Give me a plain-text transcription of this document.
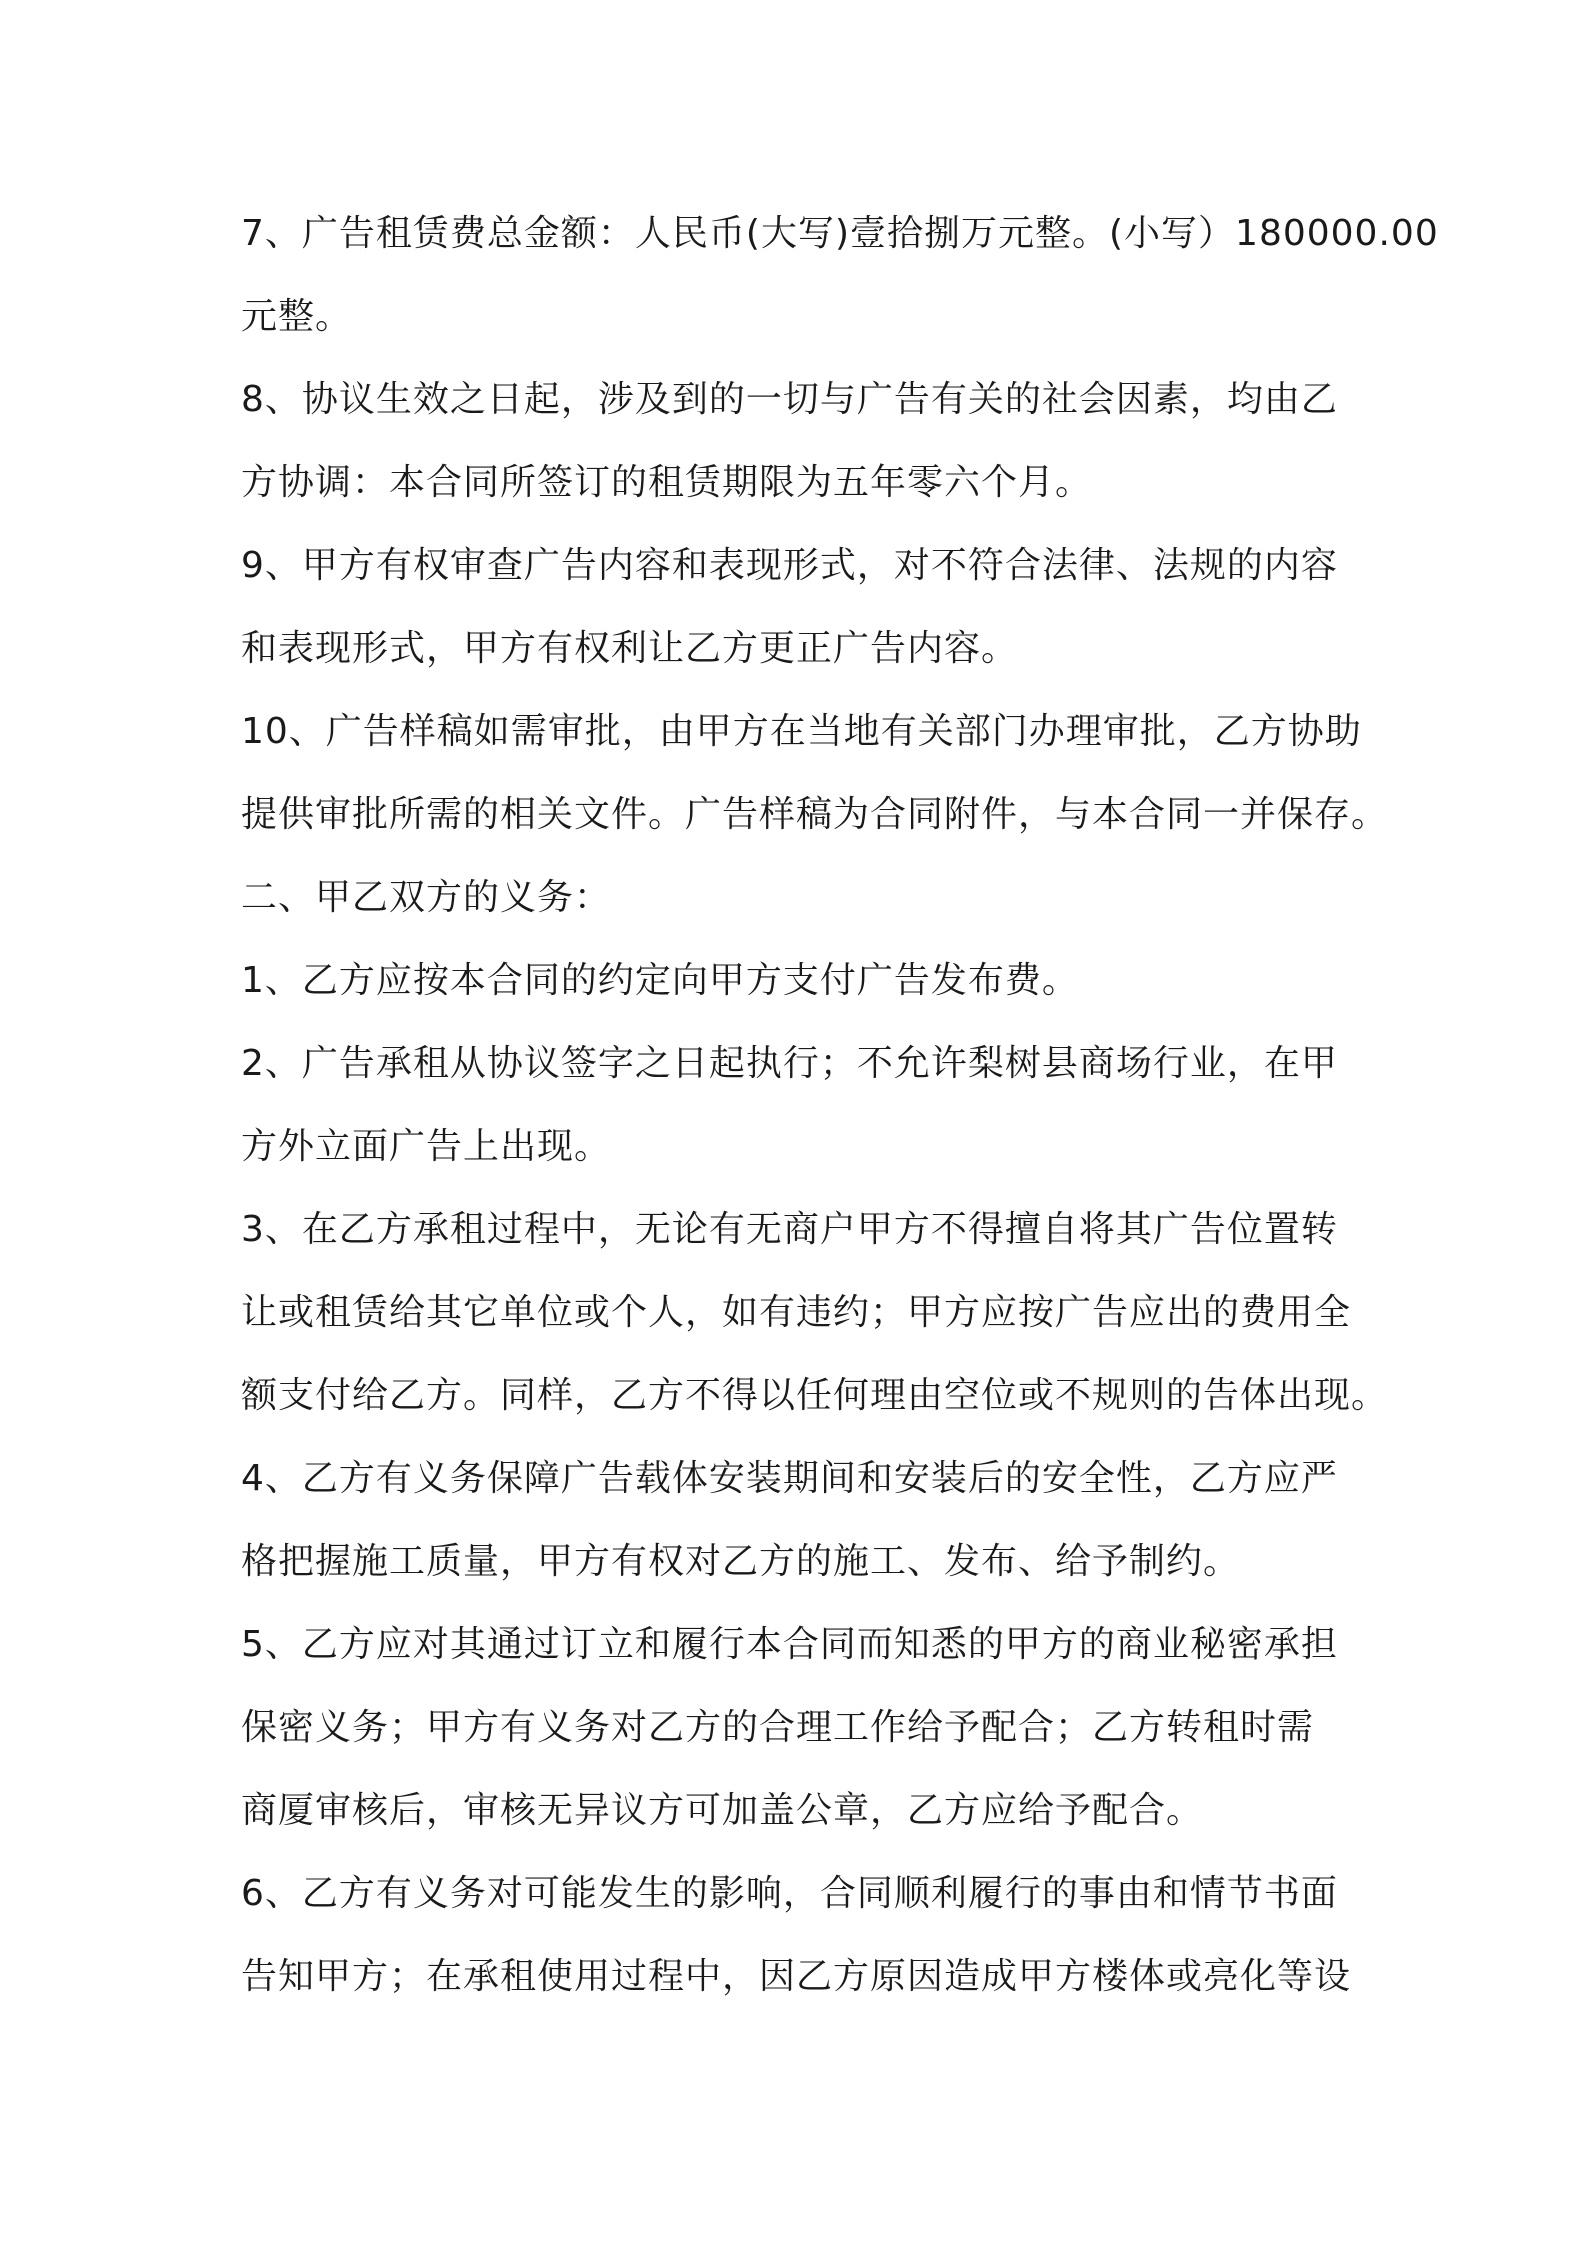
7、广告租赁费总金额：人民币(大写)壹拾捌万元整。(小写）180000.00
元整。

8、协议生效之日起，涉及到的一切与广告有关的社会因素，均由乙
方协调：本合同所签订的租赁期限为五年零六个月。

9、甲方有权审查广告内容和表现形式，对不符合法律、法规的内容
和表现形式，甲方有权利让乙方更正广告内容。

10、广告样稿如需审批，由甲方在当地有关部门办理审批，乙方协助
提供审批所需的相关文件。广告样稿为合同附件，与本合同一并保存。

二、甲乙双方的义务：

1、乙方应按本合同的约定向甲方支付广告发布费。

2、广告承租从协议签字之日起执行；不允许梨树县商场行业，在甲
方外立面广告上出现。

3、在乙方承租过程中，无论有无商户甲方不得擅自将其广告位置转
让或租赁给其它单位或个人，如有违约；甲方应按广告应出的费用全
额支付给乙方。同样，乙方不得以任何理由空位或不规则的告体出现。

4、乙方有义务保障广告载体安装期间和安装后的安全性，乙方应严
格把握施工质量，甲方有权对乙方的施工、发布、给予制约。

5、乙方应对其通过订立和履行本合同而知悉的甲方的商业秘密承担
保密义务；甲方有义务对乙方的合理工作给予配合；乙方转租时需
商厦审核后，审核无异议方可加盖公章，乙方应给予配合。

6、乙方有义务对可能发生的影响，合同顺利履行的事由和情节书面
告知甲方；在承租使用过程中，因乙方原因造成甲方楼体或亮化等设
